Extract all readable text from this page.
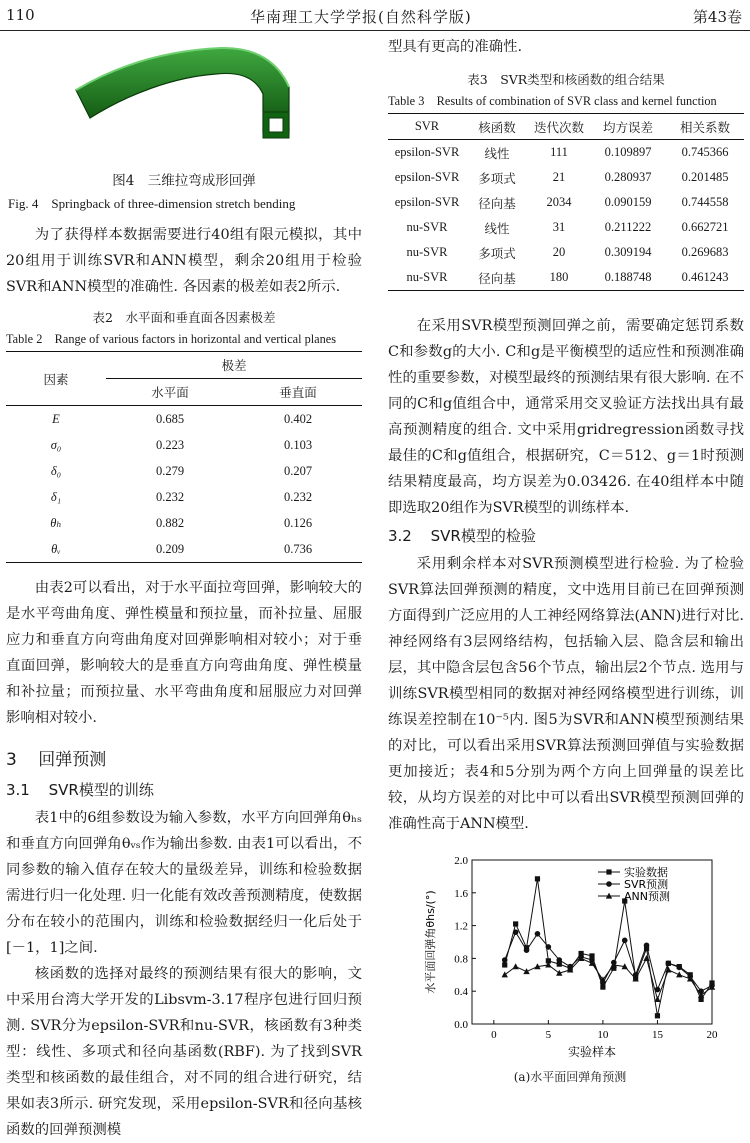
110	华南理工大学学报(自然科学版)	第43卷
图4　三维拉弯成形回弹
Fig. 4　Springback of three-dimension stretch bending

为了获得样本数据需要进行40组有限元模拟，其中20组用于训练SVR和ANN模型，剩余20组用于检验SVR和ANN模型的准确性. 各因素的极差如表2所示.

表2　水平面和垂直面各因素极差
Table 2　Range of various factors in horizontal and vertical planes
因素	极差	
	水平面	垂直面
E	0.685	0.402
σ₀	0.223	0.103
δ₀	0.279	0.207
δ₁	0.232	0.232
θₕ	0.882	0.126
θᵥ	0.209	0.736

由表2可以看出，对于水平面拉弯回弹，影响较大的是水平弯曲角度、弹性模量和预拉量，而补拉量、屈服应力和垂直方向弯曲角度对回弹影响相对较小；对于垂直面回弹，影响较大的是垂直方向弯曲角度、弹性模量和补拉量；而预拉量、水平弯曲角度和屈服应力对回弹影响相对较小.

3 回弹预测
3.1 SVR模型的训练

表1中的6组参数设为输入参数，水平方向回弹角θₕₛ和垂直方向回弹角θᵥₛ作为输出参数. 由表1可以看出，不同参数的输入值存在较大的量级差异，训练和检验数据需进行归一化处理. 归一化能有效改善预测精度，使数据分布在较小的范围内，训练和检验数据经归一化后处于[－1，1]之间.

核函数的选择对最终的预测结果有很大的影响，文中采用台湾大学开发的Libsvm-3.17程序包进行回归预测. SVR分为epsilon-SVR和nu-SVR，核函数有3种类型：线性、多项式和径向基函数(RBF). 为了找到SVR类型和核函数的最佳组合，对不同的组合进行研究，结果如表3所示. 研究发现，采用epsilon-SVR和径向基核函数的回弹预测模

型具有更高的准确性.

表3　SVR类型和核函数的组合结果
Table 3　Results of combination of SVR class and kernel function
SVR	核函数	迭代次数	均方误差	相关系数
epsilon-SVR	线性	111	0.109897	0.745366
epsilon-SVR	多项式	21	0.280937	0.201485
epsilon-SVR	径向基	2034	0.090159	0.744558
nu-SVR	线性	31	0.211222	0.662721
nu-SVR	多项式	20	0.309194	0.269683
nu-SVR	径向基	180	0.188748	0.461243

在采用SVR模型预测回弹之前，需要确定惩罚系数C和参数g的大小. C和g是平衡模型的适应性和预测准确性的重要参数，对模型最终的预测结果有很大影响. 在不同的C和g值组合中，通常采用交叉验证方法找出具有最高预测精度的组合. 文中采用gridregression函数寻找最佳的C和g值组合，根据研究，C＝512、g＝1时预测结果精度最高，均方误差为0.03426. 在40组样本中随即选取20组作为SVR模型的训练样本.

3.2 SVR模型的检验

采用剩余样本对SVR预测模型进行检验. 为了检验SVR算法回弹预测的精度，文中选用目前已在回弹预测方面得到广泛应用的人工神经网络算法(ANN)进行对比. 神经网络有3层网络结构，包括输入层、隐含层和输出层，其中隐含层包含56个节点，输出层2个节点. 选用与训练SVR模型相同的数据对神经网络模型进行训练，训练误差控制在10⁻⁵内. 图5为SVR和ANN模型预测结果的对比，可以看出采用SVR算法预测回弹值与实验数据更加接近；表4和5分别为两个方向上回弹量的误差比较，从均方误差的对比中可以看出SVR模型预测回弹的准确性高于ANN模型.

0.0
0.4
0.8
1.2
1.6
2.0
0	5	10	15	20
实验样本
水平面回弹角θhs/(°)
实验数据
SVR预测
ANN预测
(a)水平面回弹角预测
